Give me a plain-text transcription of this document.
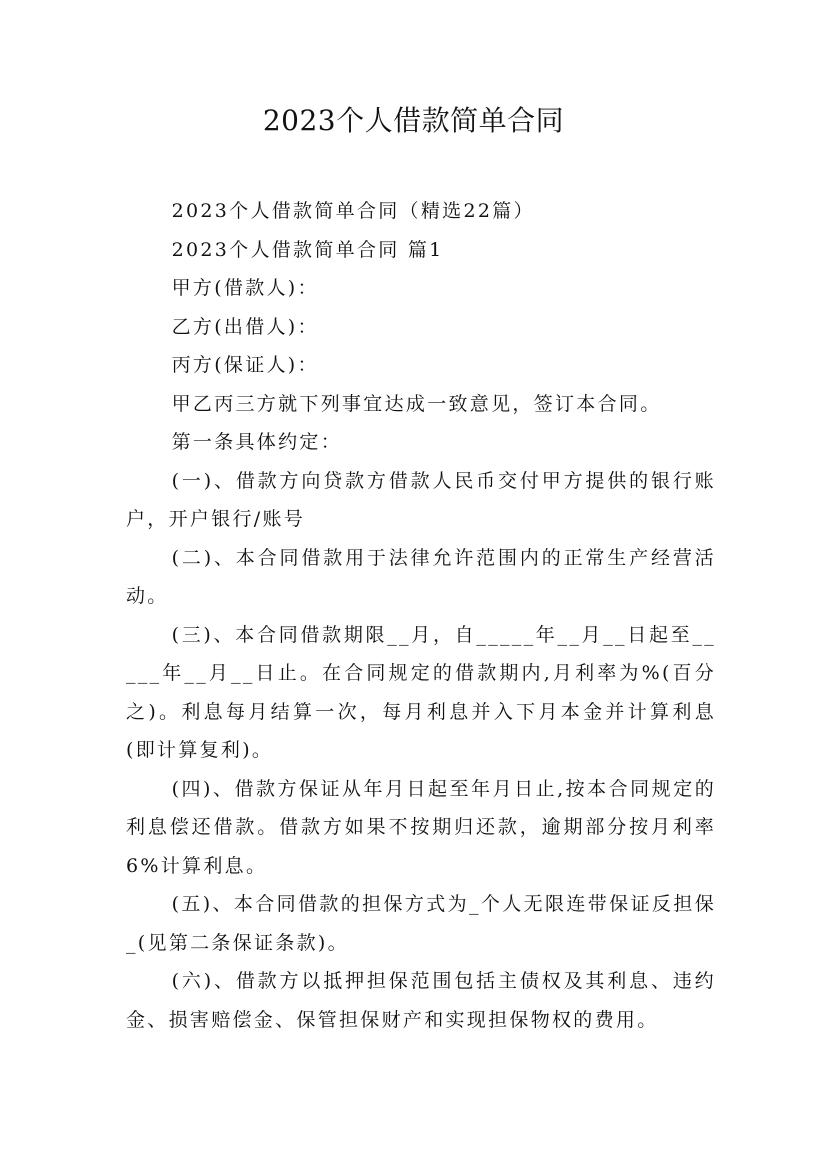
2023个人借款简单合同

2023个人借款简单合同（精选22篇）

2023个人借款简单合同 篇1

甲方(借款人)：

乙方(出借人)：

丙方(保证人)：

甲乙丙三方就下列事宜达成一致意见，签订本合同。

第一条具体约定：

(一)、借款方向贷款方借款人民币交付甲方提供的银行账户，开户银行/账号

(二)、本合同借款用于法律允许范围内的正常生产经营活动。

(三)、本合同借款期限__月，自_____年__月__日起至_____年__月__日止。在合同规定的借款期内,月利率为%(百分之)。利息每月结算一次，每月利息并入下月本金并计算利息(即计算复利)。

(四)、借款方保证从年月日起至年月日止,按本合同规定的利息偿还借款。借款方如果不按期归还款，逾期部分按月利率6%计算利息。

(五)、本合同借款的担保方式为_个人无限连带保证反担保_(见第二条保证条款)。

(六)、借款方以抵押担保范围包括主债权及其利息、违约金、损害赔偿金、保管担保财产和实现担保物权的费用。
